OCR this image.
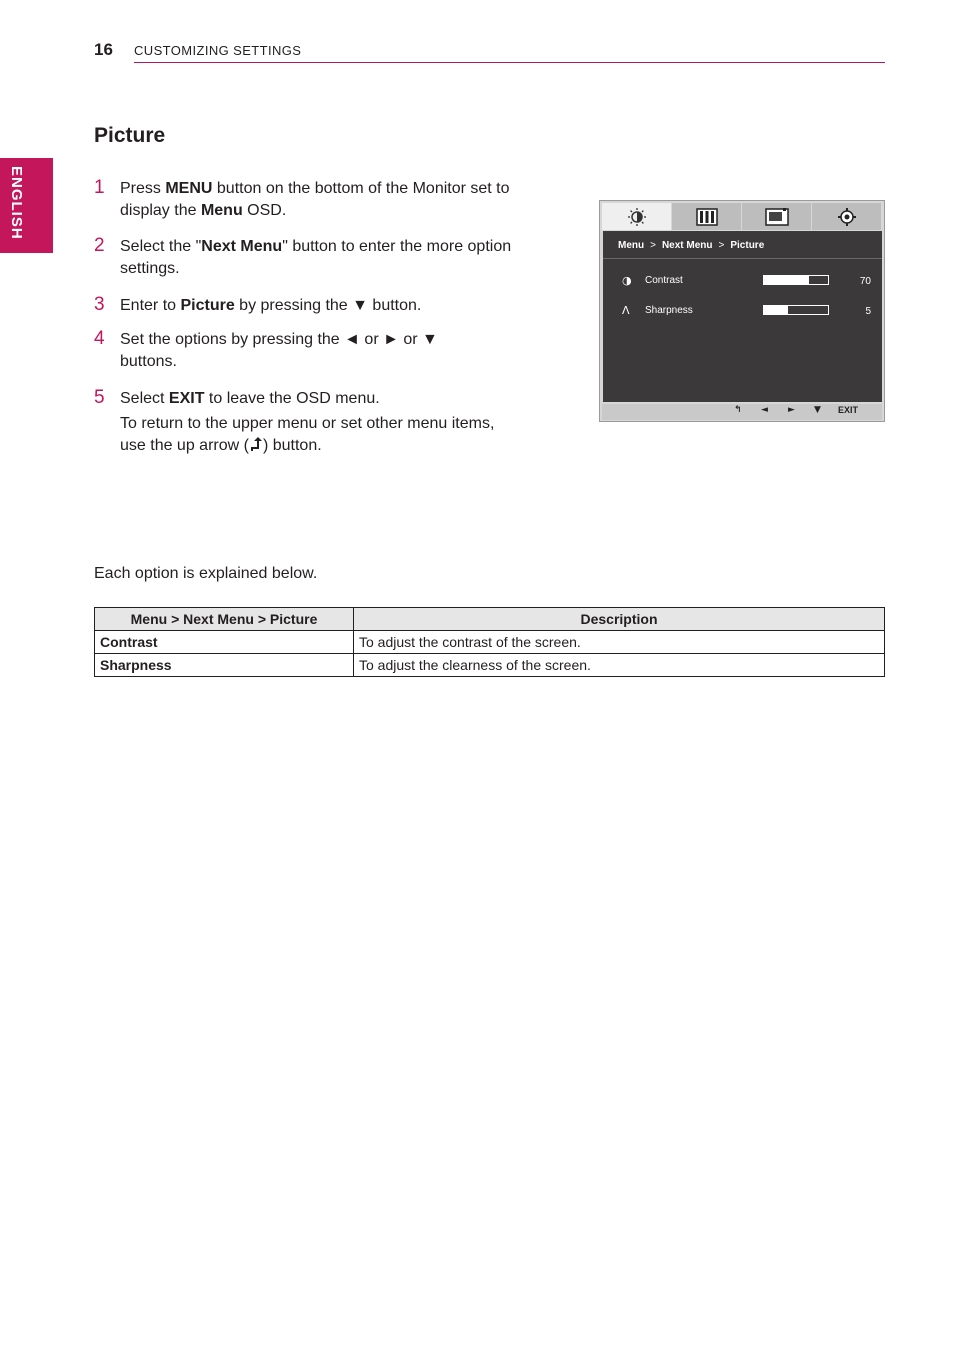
16 CUSTOMIZING SETTINGS
ENGLISH
Picture
1 Press MENU button on the bottom of the Monitor set to display the Menu OSD.
2 Select the "Next Menu" button to enter the more option settings.
3 Enter to Picture by pressing the ▼ button.
4 Set the options by pressing the ◄ or ► or ▼ buttons.
5 Select EXIT to leave the OSD menu.
To return to the upper menu or set other menu items, use the up arrow ( ) button.
Menu > Next Menu > Picture
◑ Contrast	70
Λ Sharpness	5
↰ ◄ ► ▼ EXIT

Each option is explained below.

Menu > Next Menu > Picture	Description
Contrast	To adjust the contrast of the screen.
Sharpness	To adjust the clearness of the screen.
